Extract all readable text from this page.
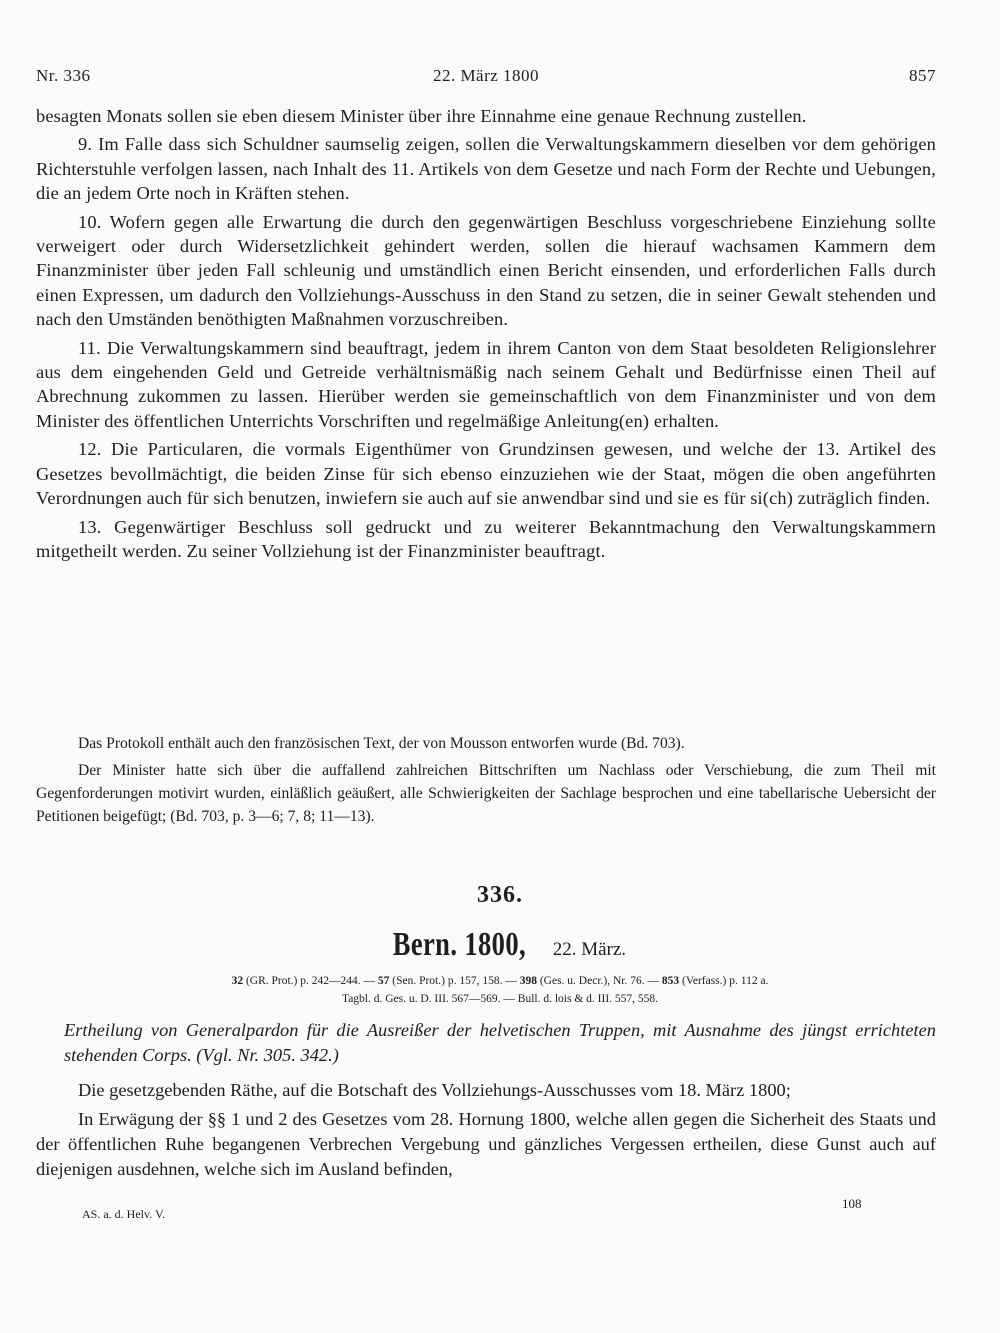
Nr. 336	22. März 1800	857

besagten Monats sollen sie eben diesem Minister über ihre Einnahme eine genaue Rechnung zustellen.

9. Im Falle dass sich Schuldner saumselig zeigen, sollen die Verwaltungskammern dieselben vor dem gehörigen Richterstuhle verfolgen lassen, nach Inhalt des 11. Artikels von dem Gesetze und nach Form der Rechte und Uebungen, die an jedem Orte noch in Kräften stehen.

10. Wofern gegen alle Erwartung die durch den gegenwärtigen Beschluss vorgeschriebene Einziehung sollte verweigert oder durch Widersetzlichkeit gehindert werden, sollen die hierauf wachsamen Kammern dem Finanzminister über jeden Fall schleunig und umständlich einen Bericht einsenden, und erforderlichen Falls durch einen Expressen, um dadurch den Vollziehungs-Ausschuss in den Stand zu setzen, die in seiner Gewalt stehenden und nach den Umständen benöthigten Maßnahmen vorzuschreiben.

11. Die Verwaltungskammern sind beauftragt, jedem in ihrem Canton von dem Staat besoldeten Religionslehrer aus dem eingehenden Geld und Getreide verhältnismäßig nach seinem Gehalt und Bedürfnisse einen Theil auf Abrechnung zukommen zu lassen. Hierüber werden sie gemeinschaftlich von dem Finanzminister und von dem Minister des öffentlichen Unterrichts Vorschriften und regelmäßige Anleitung(en) erhalten.

12. Die Particularen, die vormals Eigenthümer von Grundzinsen gewesen, und welche der 13. Artikel des Gesetzes bevollmächtigt, die beiden Zinse für sich ebenso einzuziehen wie der Staat, mögen die oben angeführten Verordnungen auch für sich benutzen, inwiefern sie auch auf sie anwendbar sind und sie es für si(ch) zuträglich finden.

13. Gegenwärtiger Beschluss soll gedruckt und zu weiterer Bekanntmachung den Verwaltungskammern mitgetheilt werden. Zu seiner Vollziehung ist der Finanzminister beauftragt.

Das Protokoll enthält auch den französischen Text, der von Mousson entworfen wurde (Bd. 703).

Der Minister hatte sich über die auffallend zahlreichen Bittschriften um Nachlass oder Verschiebung, die zum Theil mit Gegenforderungen motivirt wurden, einläßlich geäußert, alle Schwierigkeiten der Sachlage besprochen und eine tabellarische Uebersicht der Petitionen beigefügt; (Bd. 703, p. 3—6; 7, 8; 11—13).

336.
Bern. 1800, 22. März.
32 (GR. Prot.) p. 242—244. — 57 (Sen. Prot.) p. 157, 158. — 398 (Ges. u. Decr.), Nr. 76. — 853 (Verfass.) p. 112 a.
Tagbl. d. Ges. u. D. III. 567—569. — Bull. d. lois & d. III. 557, 558.
Ertheilung von Generalpardon für die Ausreißer der helvetischen Truppen, mit Ausnahme des jüngst errichteten stehenden Corps. (Vgl. Nr. 305. 342.)

Die gesetzgebenden Räthe, auf die Botschaft des Vollziehungs-Ausschusses vom 18. März 1800;

In Erwägung der §§ 1 und 2 des Gesetzes vom 28. Hornung 1800, welche allen gegen die Sicherheit des Staats und der öffentlichen Ruhe begangenen Verbrechen Vergebung und gänzliches Vergessen ertheilen, diese Gunst auch auf diejenigen ausdehnen, welche sich im Ausland befinden,

108
AS. a. d. Helv. V.
